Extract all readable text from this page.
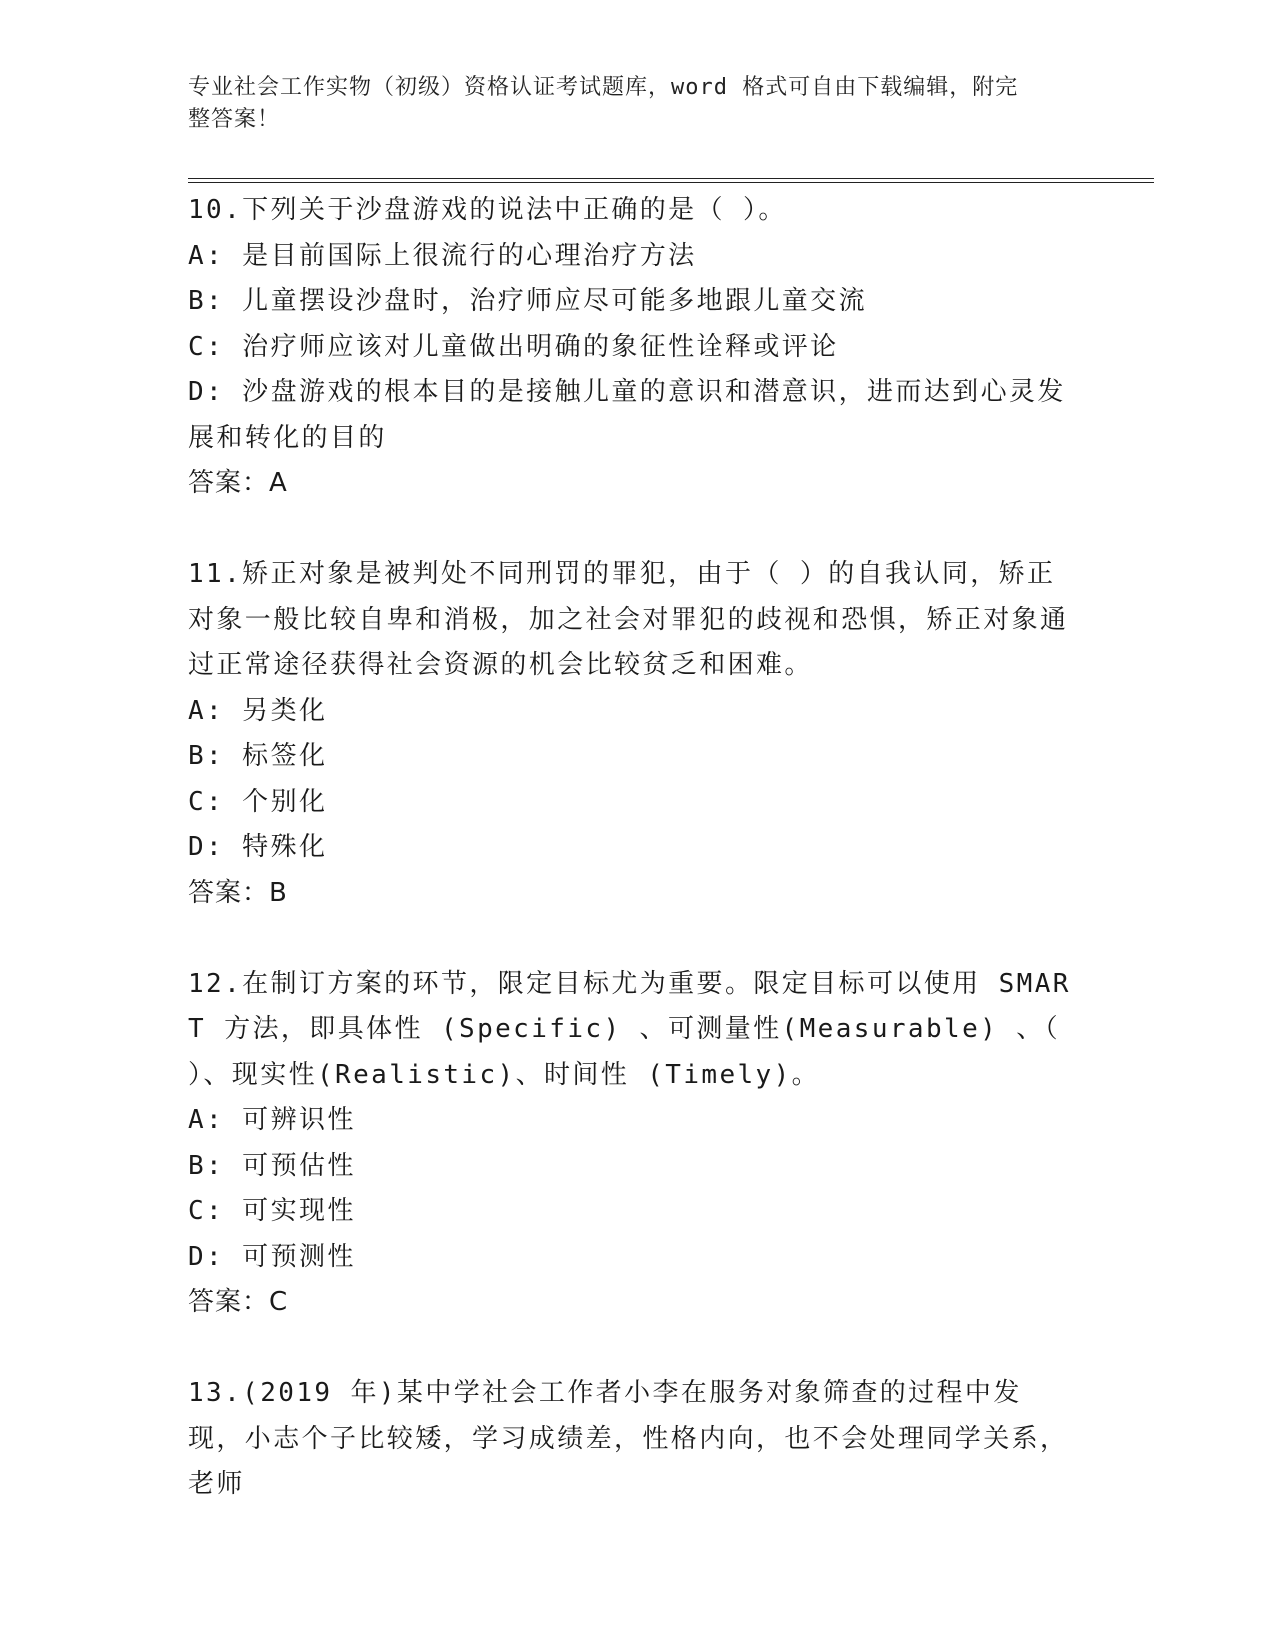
专业社会工作实物（初级）资格认证考试题库，word 格式可自由下载编辑，附完
整答案！

10.下列关于沙盘游戏的说法中正确的是（ ）。

A: 是目前国际上很流行的心理治疗方法

B: 儿童摆设沙盘时，治疗师应尽可能多地跟儿童交流

C: 治疗师应该对儿童做出明确的象征性诠释或评论

D: 沙盘游戏的根本目的是接触儿童的意识和潜意识，进而达到心灵发展和转化的目的

答案：A

11.矫正对象是被判处不同刑罚的罪犯，由于（ ）的自我认同，矫正对象一般比较自卑和消极，加之社会对罪犯的歧视和恐惧，矫正对象通过正常途径获得社会资源的机会比较贫乏和困难。

A: 另类化

B: 标签化

C: 个别化

D: 特殊化

答案：B

12.在制订方案的环节，限定目标尤为重要。限定目标可以使用 SMART 方法，即具体性 (Specific) 、可测量性(Measurable) 、（ ）、现实性(Realistic)、时间性 (Timely)。

A: 可辨识性

B: 可预估性

C: 可实现性

D: 可预测性

答案：C

13.(2019 年)某中学社会工作者小李在服务对象筛查的过程中发现，小志个子比较矮，学习成绩差，性格内向，也不会处理同学关系，老师
